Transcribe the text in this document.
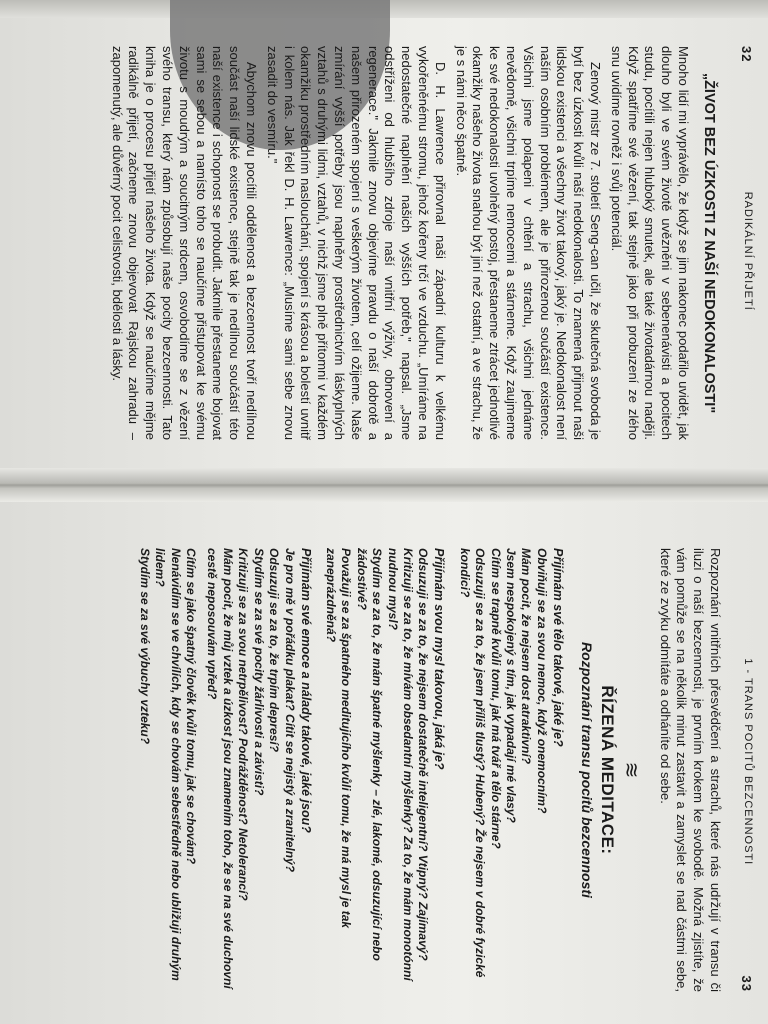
32
RADIKÁLNÍ PŘIJETÍ
„ŽIVOT BEZ ÚZKOSTI Z NAŠÍ NEDOKONALOSTI"

Mnoho lidí mi vyprávělo, že když se jim nakonec podařilo uvidět, jak dlouho byli ve svém životě uvězněni v sebenenávisti a pocitech studu, pocítili nejen hluboký smutek, ale také životadárnou naději. Když spatříme své vězení, tak stejně jako při probuzení ze zlého snu uvidíme rovněž i svůj potenciál.

Zenový mistr ze 7. století Seng-can učil, že skutečná svoboda je bytí bez úzkosti kvůli naší nedokonalosti. To znamená přijmout naši lidskou existenci a všechny život takový, jaký je. Nedokonalost není naším osobním problémem, ale je přirozenou součástí existence. Všichni jsme polapeni v chtění a strachu, všichni jednáme nevědomě, všichni trpíme nemocemi a stárneme. Když zaujmeme ke své nedokonalosti uvolněný postoj, přestaneme ztrácet jednotlivé okamžiky našeho života snahou být jiní než ostatní, a ve strachu, že je s námi něco špatně.

D. H. Lawrence přirovnal naši západní kulturu k velkému vykořeněnému stromu, jehož kořeny trčí ve vzduchu. „Umíráme na nedostatečné naplnění našich vyšších potřeb," napsal. „Jsme odstříženi od hlubšího zdroje naší vnitřní výživy, obnovení a regenerace." Jakmile znovu objevíme pravdu o naší dobrotě a našem přirozeném spojení s veškerým životem, celí ožijeme. Naše zmírání vyšší potřeby jsou naplněny prostřednictvím láskyplných vztahů s druhými lidmi, vztahů, v nichž jsme plně přítomni v každém okamžiku prostředním naslouchání, spojení s krásou a bolestí uvnitř i kolem nás. Jak řekl D. H. Lawrence: „Musíme sami sebe znovu zasadit do vesmíru."

Abychom znovu pocítili oddělenost a bezcennost tvoří nedílnou součást naší lidské existence, stejně tak je nedílnou součástí této naší existence i schopnost se probudit. Jakmile přestaneme bojovat sami se sebou a namísto toho se naučíme přistupovat ke svému životu s moudrým a soucitným srdcem, osvobodíme se z vězení svého transu, který nám způsobují naše pocity bezcennosti. Tato kniha je o procesu přijetí našeho života. Když se naučíme mějme radikálně přijetí, začneme znovu objevovat Rajskou zahradu – zapomenutý, ale důvěrný pocit celistvosti, bdělosti a lásky.

1 - TRANS POCITŮ BEZCENNOSTI
33

Rozpoznání vnitřních přesvědčení a strachů, které nás udržují v transu či iluzi o naší bezcennosti, je prvním krokem ke svobodě. Možná zjistíte, že vám pomůže se na několik minut zastavit a zamyslet se nad částmi sebe, které ze zvyku odmítáte a odháníte od sebe.

≋
ŘÍZENÁ MEDITACE:
Rozpoznání transu pocitů bezcennosti
Přijímám své tělo takové, jaké je?

Obviňuji se za svou nemoc, když onemocním?

Mám pocit, že nejsem dost atraktivní?

Jsem nespokojený s tím, jak vypadají mé vlasy?

Cítím se trapně kvůli tomu, jak má tvář a tělo stárne?

Odsuzuji se za to, že jsem příliš tlustý? Hubený? Že nejsem v dobré fyzické kondici?

Přijímám svou mysl takovou, jaká je?

Odsuzuji se za to, že nejsem dostatečně inteligentní? Vtipný? Zajímavý?

Kritizuji se za to, že mívám obsedantní myšlenky? Za to, že mám monotónní nudnou mysl?

Stydím se za to, že mám špatné myšlenky – zlé, lakomé, odsuzující nebo žádostivé?

Považuji se za špatného meditujícího kvůli tomu, že má mysl je tak zaneprázdněná?

Přijímám své emoce a nálady takové, jaké jsou?

Je pro mě v pořádku plakat? Cítit se nejistý a zranitelný?

Odsuzuji se za to, že trpím depresí?

Stydím se za své pocity žárlivosti a závisti?

Kritizuji se za svou netrpělivost? Podrážděnost? Netolerancí?

Mám pocit, že můj vztek a úzkost jsou znamením toho, že se na své duchovní cestě neposouvám vpřed?

Cítím se jako špatný člověk kvůli tomu, jak se chovám?

Nenávidím se ve chvílích, kdy se chovám sebestředně nebo ubližuji druhým lidem?

Stydím se za své výbuchy vzteku?
